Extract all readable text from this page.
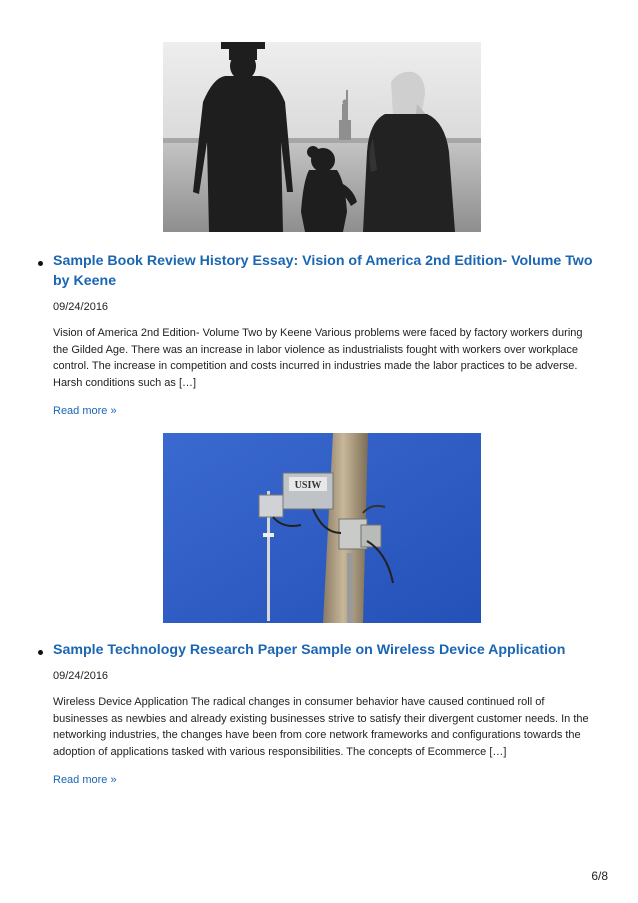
Sample Book Review History Essay: Vision of America 2nd Edition- Volume Two by Keene
09/24/2016

Vision of America 2nd Edition- Volume Two by Keene Various problems were faced by factory workers during the Gilded Age. There was an increase in labor violence as industrialists fought with workers over workplace control. The increase in competition and costs incurred in industries made the labor practices to be adverse. Harsh conditions such as […]

Read more »
USIW
Sample Technology Research Paper Sample on Wireless Device Application
09/24/2016

Wireless Device Application The radical changes in consumer behavior have caused continued roll of businesses as newbies and already existing businesses strive to satisfy their divergent customer needs. In the networking industries, the changes have been from core network frameworks and configurations towards the adoption of applications tasked with various responsibilities. The concepts of Ecommerce […]

Read more »
6/8
